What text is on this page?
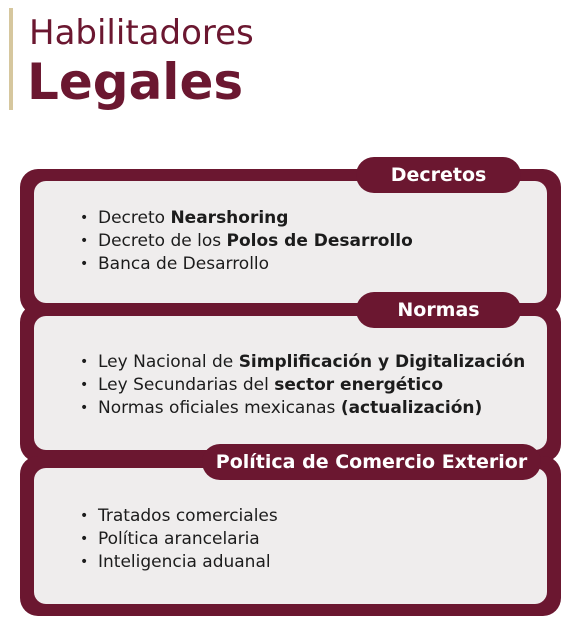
Habilitadores
Legales
• Decreto Nearshoring
• Decreto de los Polos de Desarrollo
• Banca de Desarrollo
Decretos
• Ley Nacional de Simplificación y Digitalización
• Ley Secundarias del sector energético
• Normas oficiales mexicanas (actualización)
Normas
• Tratados comerciales
• Política arancelaria
• Inteligencia aduanal
Política de Comercio Exterior
